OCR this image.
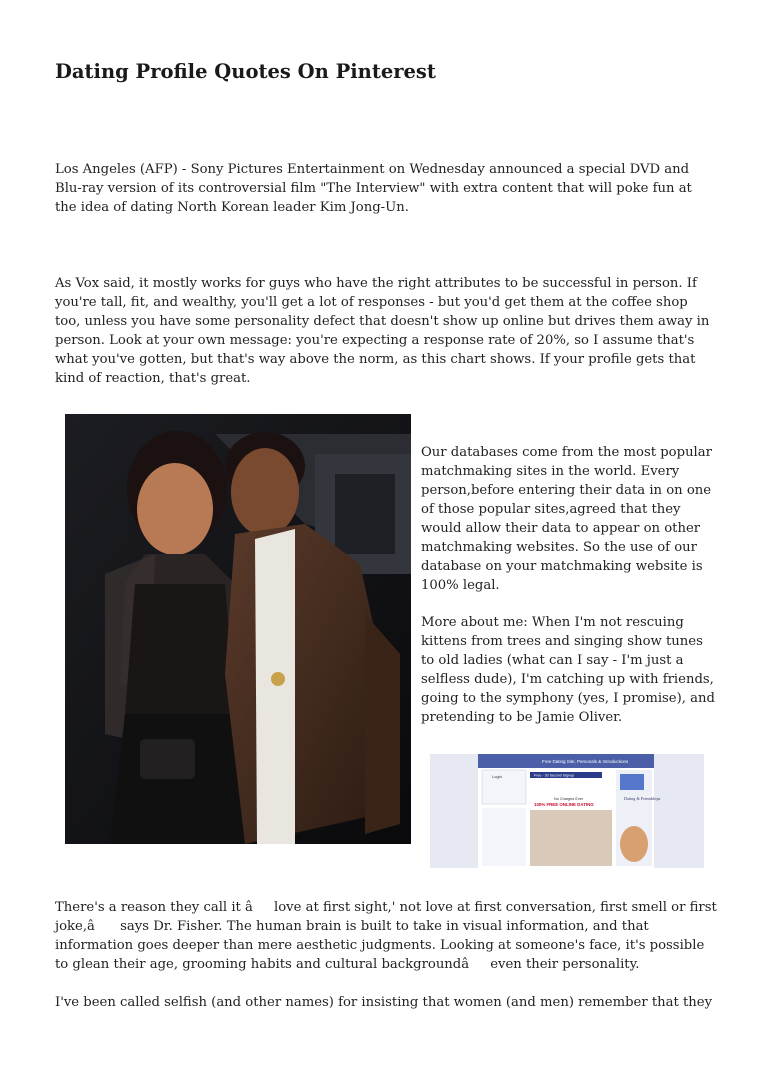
Dating Profile Quotes On Pinterest

Los Angeles (AFP) - Sony Pictures Entertainment on Wednesday announced a special DVD and Blu-ray version of its controversial film "The Interview" with extra content that will poke fun at the idea of dating North Korean leader Kim Jong-Un.

As Vox said, it mostly works for guys who have the right attributes to be successful in person. If you're tall, fit, and wealthy, you'll get a lot of responses - but you'd get them at the coffee shop too, unless you have some personality defect that doesn't show up online but drives them away in person. Look at your own message: you're expecting a response rate of 20%, so I assume that's what you've gotten, but that's way above the norm, as this chart shows. If your profile gets that kind of reaction, that's great.

Our databases come from the most popular matchmaking sites in the world. Every person,before entering their data in on one of those popular sites,agreed that they would allow their data to appear on other matchmaking websites. So the use of our database on your matchmaking website is 100% legal.

More about me: When I'm not rescuing kittens from trees and singing show tunes to old ladies (what can I say - I'm just a selfless dude), I'm catching up with friends, going to the symphony (yes, I promise), and pretending to be Jamie Oliver.

Free Dating Site, Personals & Introductions
Login	Free - 30 Second Signup
No Charges Ever
100% FREE ONLINE DATING
Dating & Friendships

There's a reason they call it âlove at first sight,' not love at first conversation, first smell or first joke,â says Dr. Fisher. The human brain is built to take in visual information, and that information goes deeper than mere aesthetic judgments. Looking at someone's face, it's possible to glean their age, grooming habits and cultural backgroundâeven their personality.

I've been called selfish (and other names) for insisting that women (and men) remember that they
